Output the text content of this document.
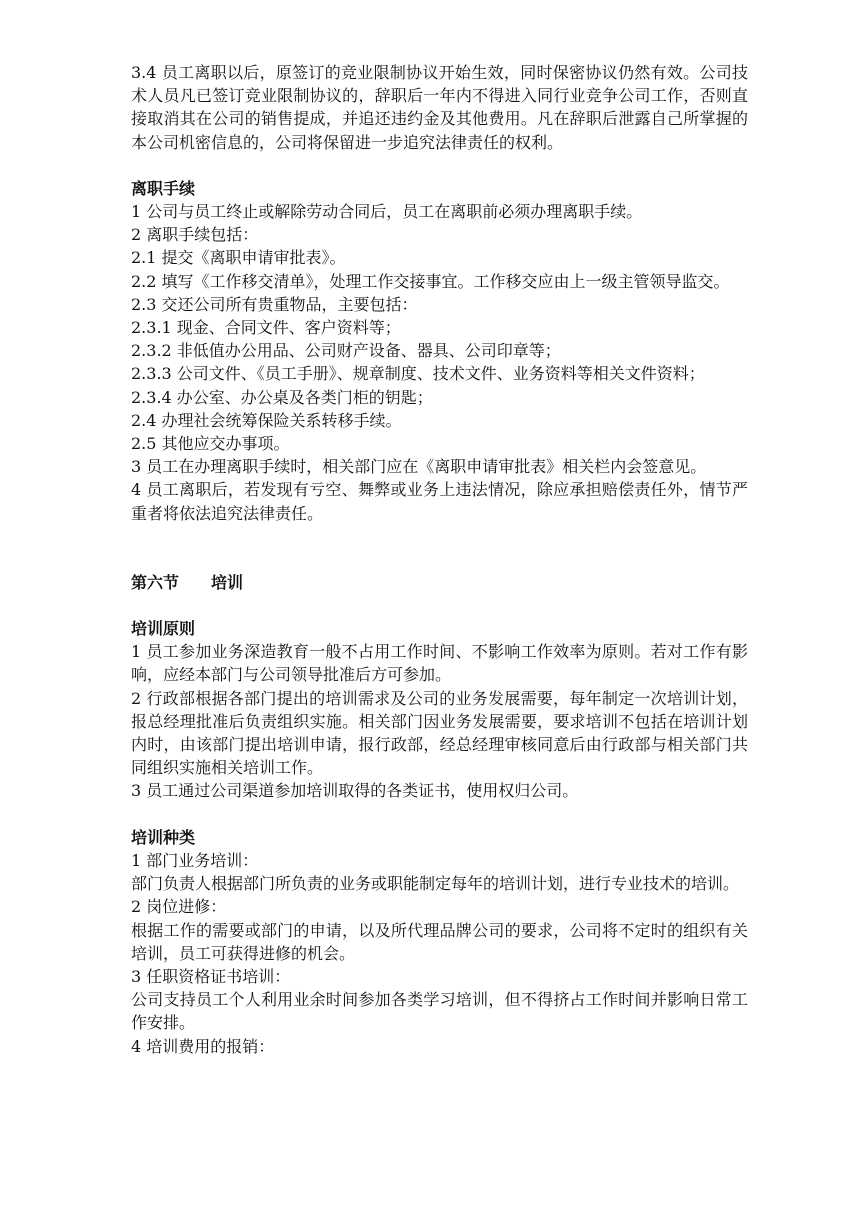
3.4 员工离职以后，原签订的竞业限制协议开始生效，同时保密协议仍然有效。公司技术人员凡已签订竞业限制协议的，辞职后一年内不得进入同行业竞争公司工作，否则直接取消其在公司的销售提成，并追还违约金及其他费用。凡在辞职后泄露自己所掌握的本公司机密信息的，公司将保留进一步追究法律责任的权利。

离职手续

1 公司与员工终止或解除劳动合同后，员工在离职前必须办理离职手续。

2 离职手续包括：

2.1 提交《离职申请审批表》。

2.2 填写《工作移交清单》，处理工作交接事宜。工作移交应由上一级主管领导监交。

2.3 交还公司所有贵重物品，主要包括：

2.3.1 现金、合同文件、客户资料等；

2.3.2 非低值办公用品、公司财产设备、器具、公司印章等；

2.3.3 公司文件、《员工手册》、规章制度、技术文件、业务资料等相关文件资料；

2.3.4 办公室、办公桌及各类门柜的钥匙；

2.4 办理社会统筹保险关系转移手续。

2.5 其他应交办事项。

3 员工在办理离职手续时，相关部门应在《离职申请审批表》相关栏内会签意见。

4 员工离职后，若发现有亏空、舞弊或业务上违法情况，除应承担赔偿责任外，情节严重者将依法追究法律责任。

第六节 培训

培训原则

1 员工参加业务深造教育一般不占用工作时间、不影响工作效率为原则。若对工作有影响，应经本部门与公司领导批准后方可参加。

2 行政部根据各部门提出的培训需求及公司的业务发展需要，每年制定一次培训计划，报总经理批准后负责组织实施。相关部门因业务发展需要，要求培训不包括在培训计划内时，由该部门提出培训申请，报行政部，经总经理审核同意后由行政部与相关部门共同组织实施相关培训工作。

3 员工通过公司渠道参加培训取得的各类证书，使用权归公司。

培训种类

1 部门业务培训：

部门负责人根据部门所负责的业务或职能制定每年的培训计划，进行专业技术的培训。

2 岗位进修：

根据工作的需要或部门的申请，以及所代理品牌公司的要求，公司将不定时的组织有关培训，员工可获得进修的机会。

3 任职资格证书培训：

公司支持员工个人利用业余时间参加各类学习培训，但不得挤占工作时间并影响日常工作安排。

4 培训费用的报销：
